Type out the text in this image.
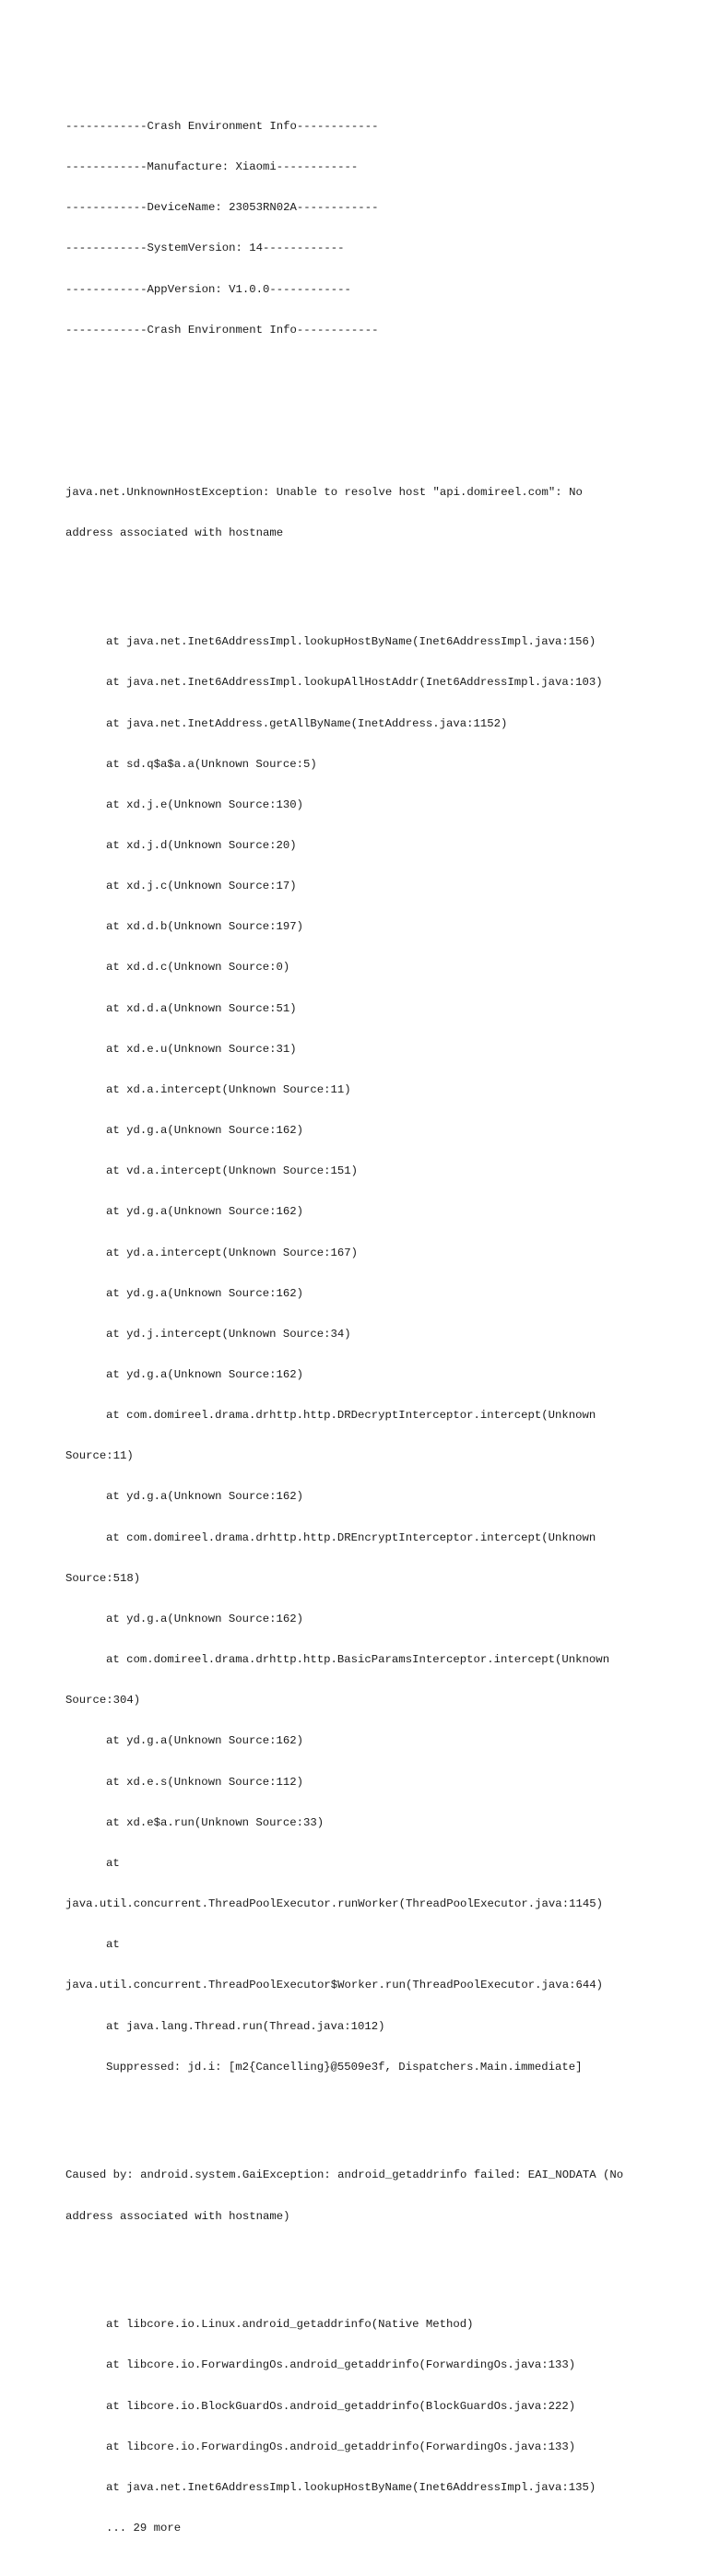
------------Crash Environment Info------------

------------Manufacture: Xiaomi------------

------------DeviceName: 23053RN02A------------

------------SystemVersion: 14------------

------------AppVersion: V1.0.0------------

------------Crash Environment Info------------

java.net.UnknownHostException: Unable to resolve host "api.domireel.com": No

address associated with hostname

at java.net.Inet6AddressImpl.lookupHostByName(Inet6AddressImpl.java:156)

at java.net.Inet6AddressImpl.lookupAllHostAddr(Inet6AddressImpl.java:103)

at java.net.InetAddress.getAllByName(InetAddress.java:1152)

at sd.q$a$a.a(Unknown Source:5)

at xd.j.e(Unknown Source:130)

at xd.j.d(Unknown Source:20)

at xd.j.c(Unknown Source:17)

at xd.d.b(Unknown Source:197)

at xd.d.c(Unknown Source:0)

at xd.d.a(Unknown Source:51)

at xd.e.u(Unknown Source:31)

at xd.a.intercept(Unknown Source:11)

at yd.g.a(Unknown Source:162)

at vd.a.intercept(Unknown Source:151)

at yd.g.a(Unknown Source:162)

at yd.a.intercept(Unknown Source:167)

at yd.g.a(Unknown Source:162)

at yd.j.intercept(Unknown Source:34)

at yd.g.a(Unknown Source:162)

at com.domireel.drama.drhttp.http.DRDecryptInterceptor.intercept(Unknown

Source:11)

at yd.g.a(Unknown Source:162)

at com.domireel.drama.drhttp.http.DREncryptInterceptor.intercept(Unknown

Source:518)

at yd.g.a(Unknown Source:162)

at com.domireel.drama.drhttp.http.BasicParamsInterceptor.intercept(Unknown

Source:304)

at yd.g.a(Unknown Source:162)

at xd.e.s(Unknown Source:112)

at xd.e$a.run(Unknown Source:33)

at

java.util.concurrent.ThreadPoolExecutor.runWorker(ThreadPoolExecutor.java:1145)

at

java.util.concurrent.ThreadPoolExecutor$Worker.run(ThreadPoolExecutor.java:644)

at java.lang.Thread.run(Thread.java:1012)

Suppressed: jd.i: [m2{Cancelling}@5509e3f, Dispatchers.Main.immediate]

Caused by: android.system.GaiException: android_getaddrinfo failed: EAI_NODATA (No

address associated with hostname)

at libcore.io.Linux.android_getaddrinfo(Native Method)

at libcore.io.ForwardingOs.android_getaddrinfo(ForwardingOs.java:133)

at libcore.io.BlockGuardOs.android_getaddrinfo(BlockGuardOs.java:222)

at libcore.io.ForwardingOs.android_getaddrinfo(ForwardingOs.java:133)

at java.net.Inet6AddressImpl.lookupHostByName(Inet6AddressImpl.java:135)

... 29 more
